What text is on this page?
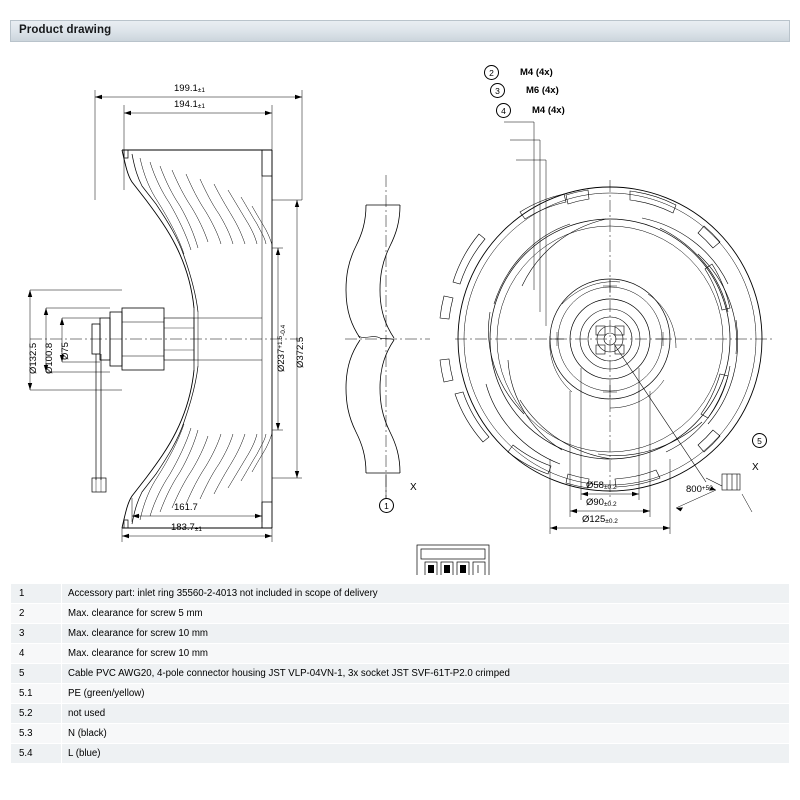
Product drawing
199.1±1
194.1±1
161.7
183.7±1
Ø132.5 Ø100.8 Ø75	$Ø237^{+1.5}-0.4$
Ø372.5
Ø58±0.2
Ø90±0.2
Ø125±0.2
$800^{+50}$
M4 (4x)
M6 (4x)
M4 (4x)
2
3
4
1
5
X
X
1	Accessory part: inlet ring 35560-2-4013 not included in scope of delivery
2	Max. clearance for screw 5 mm
3	Max. clearance for screw 10 mm
4	Max. clearance for screw 10 mm
5	Cable PVC AWG20, 4-pole connector housing JST VLP-04VN-1, 3x socket JST SVF-61T-P2.0 crimped
5.1	PE (green/yellow)
5.2	not used
5.3	N (black)
5.4	L (blue)
